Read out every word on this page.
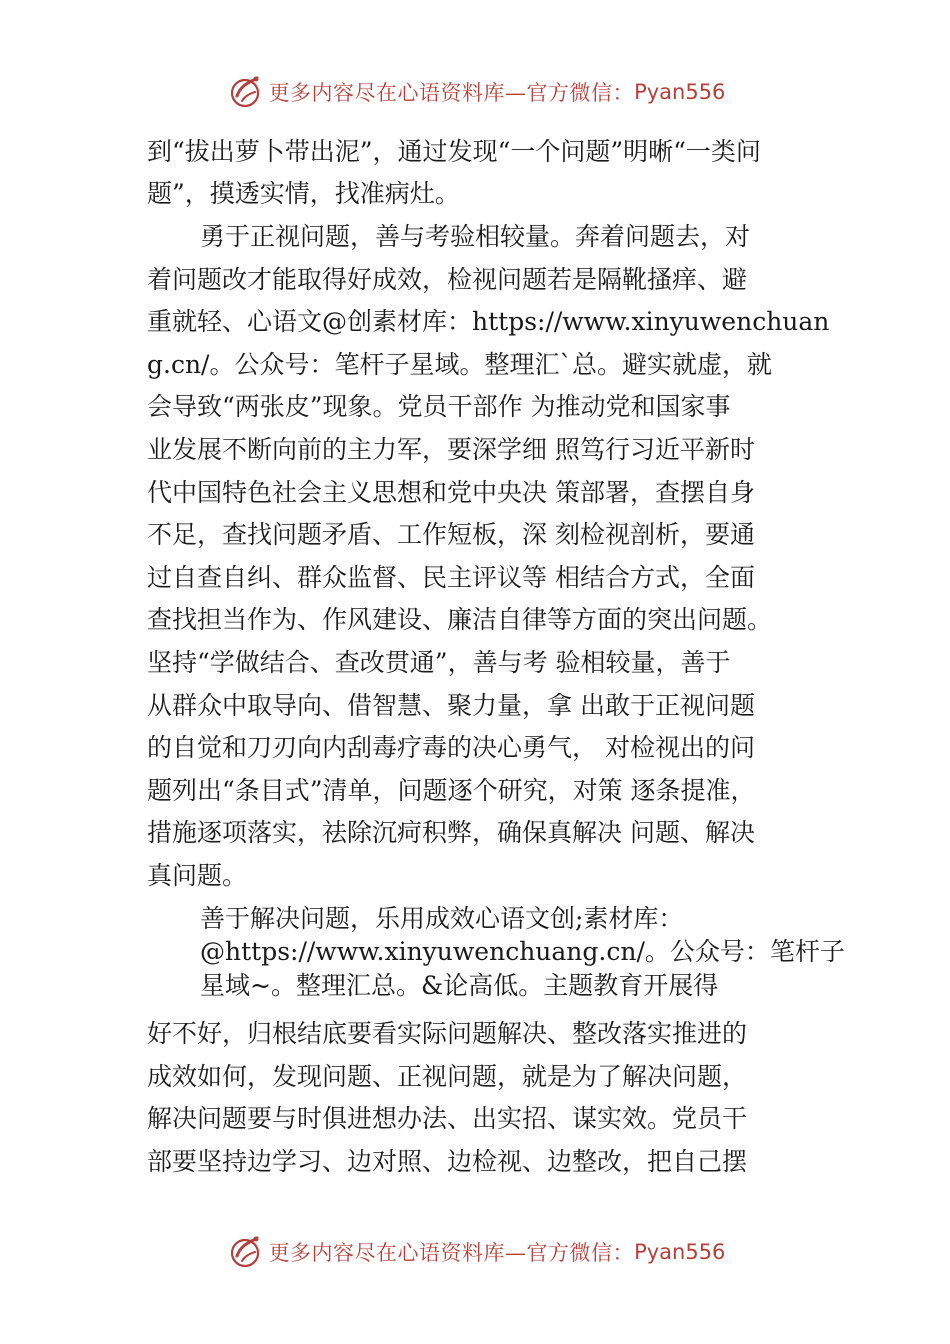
更多内容尽在心语资料库—官方微信： Pyan556
到“拔出萝卜带出泥”，通过发现“一个问题”明晰“一类问
题”，摸透实情，找准病灶。
勇于正视问题，善与考验相较量。奔着问题去，对
着问题改才能取得好成效，检视问题若是隔靴搔痒、避
重就轻、心语文@创素材库：https://www.xinyuwenchuan
g.cn/。公众号：笔杆子星域。整理汇`总。避实就虚，就
会导致“两张皮”现象。党员干部作 为推动党和国家事
业发展不断向前的主力军，要深学细 照笃行习近平新时
代中国特色社会主义思想和党中央决 策部署，查摆自身
不足，查找问题矛盾、工作短板，深 刻检视剖析，要通
过自查自纠、群众监督、民主评议等 相结合方式，全面
查找担当作为、作风建设、廉洁自律等方面的突出问题。
坚持“学做结合、查改贯通”，善与考 验相较量，善于
从群众中取导向、借智慧、聚力量，拿 出敢于正视问题
的自觉和刀刃向内刮毒疗毒的决心勇气， 对检视出的问
题列出“条目式”清单，问题逐个研究，对策 逐条提准，
措施逐项落实，祛除沉疴积弊，确保真解决 问题、解决
真问题。
善于解决问题，乐用成效心语文创;素材库：
@https://www.xinyuwenchuang.cn/。公众号：笔杆子
星域~。整理汇总。&论高低。主题教育开展得
好不好，归根结底要看实际问题解决、整改落实推进的
成效如何，发现问题、正视问题，就是为了解决问题，
解决问题要与时俱进想办法、出实招、谋实效。党员干
部要坚持边学习、边对照、边检视、边整改，把自己摆
更多内容尽在心语资料库—官方微信： Pyan556
